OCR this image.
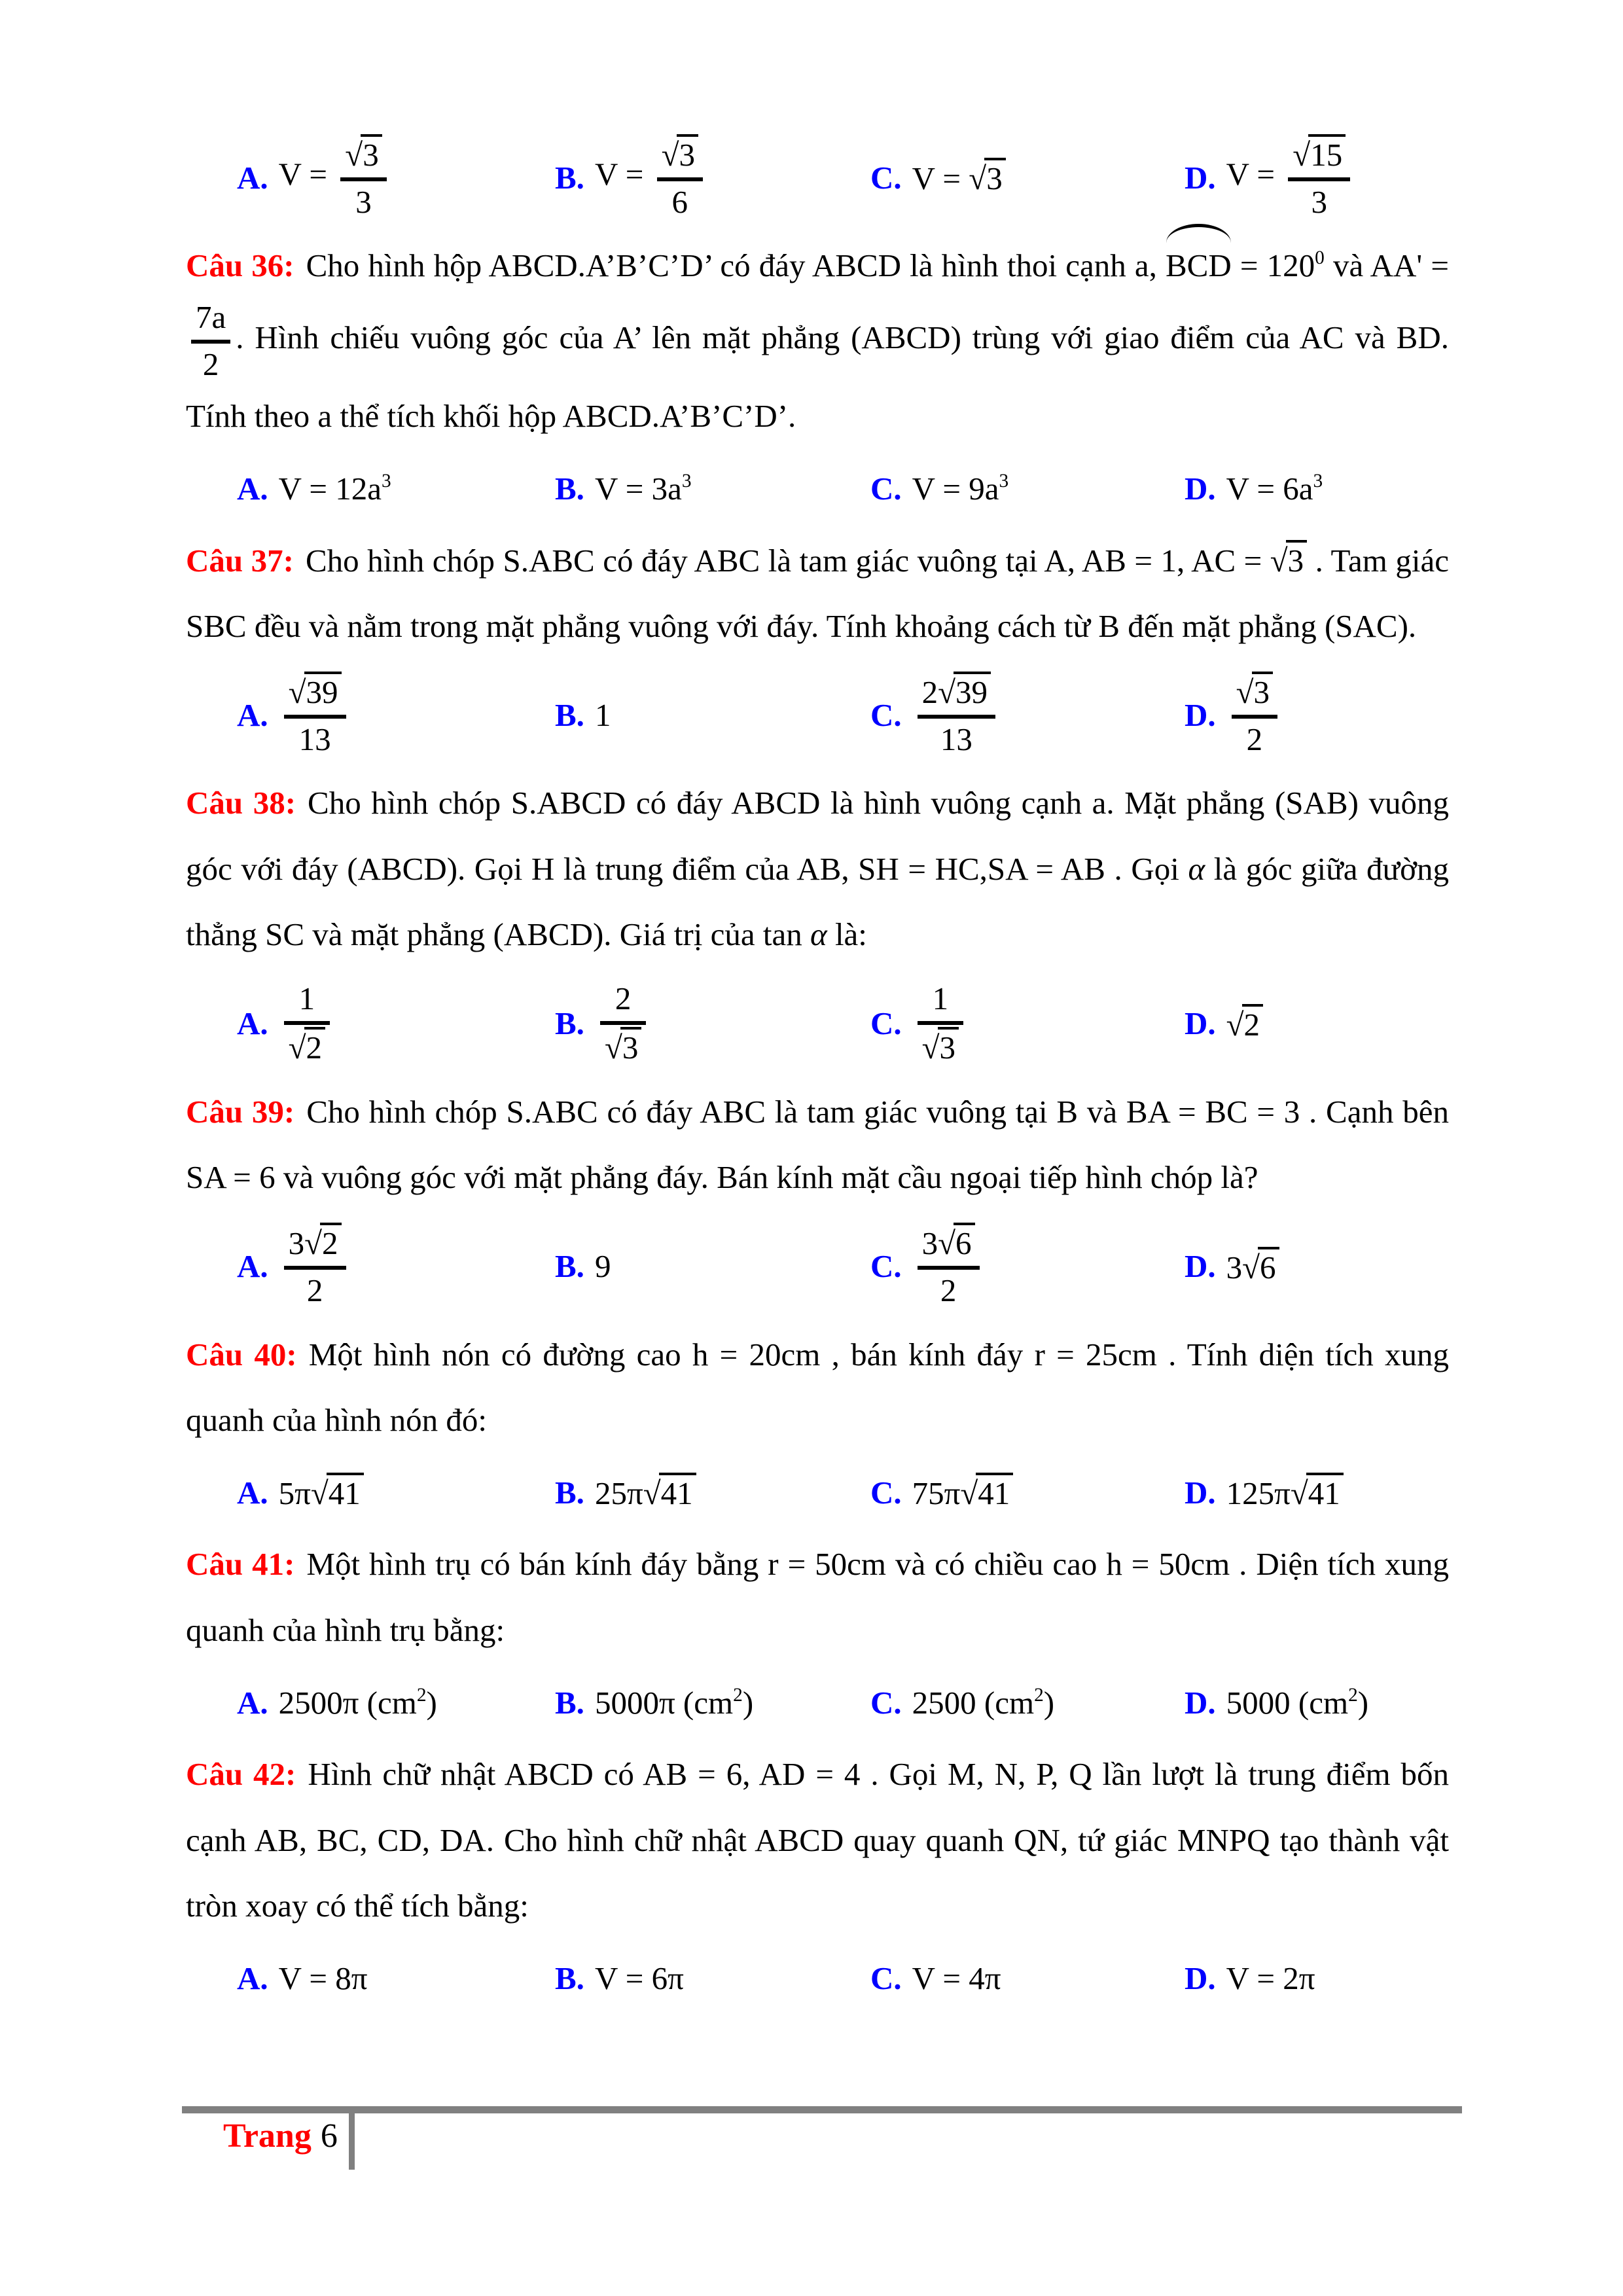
A. $V = \frac{√3}{3}$	B. $V = \frac{√3}{6}$	C. V = √3	D. $V = \frac{√15}{3}$
Câu 36: Cho hình hộp ABCD.A’B’C’D’ có đáy ABCD là hình thoi cạnh a, BCD = $120^0$ và AA' =
$\frac{7a}{2}$ . Hình chiếu vuông góc của A’ lên mặt phẳng (ABCD) trùng với giao điểm của AC và BD. Tính theo a thể tích khối hộp ABCD.A’B’C’D’.
A. $V = 12a^3$	B. $V = 3a^3$	C. $V = 9a^3$	D. $V = 6a^3$
Câu 37: Cho hình chóp S.ABC có đáy ABC là tam giác vuông tại A, AB = 1, AC = √3 . Tam giác SBC đều và nằm trong mặt phẳng vuông với đáy. Tính khoảng cách từ B đến mặt phẳng (SAC).
A. $\frac{√39}{13}$	B. 1	C. $\frac{2√39}{13}$	D. $\frac{√3}{2}$
Câu 38: Cho hình chóp S.ABCD có đáy ABCD là hình vuông cạnh a. Mặt phẳng (SAB) vuông góc với đáy (ABCD). Gọi H là trung điểm của AB, SH = HC,SA = AB . Gọi α là góc giữa đường thẳng SC và mặt phẳng (ABCD). Giá trị của tan α là:
A. $\frac{1}{√2}$	B. $\frac{2}{√3}$	C. $\frac{1}{√3}$	D. √2
Câu 39: Cho hình chóp S.ABC có đáy ABC là tam giác vuông tại B và BA = BC = 3 . Cạnh bên SA = 6 và vuông góc với mặt phẳng đáy. Bán kính mặt cầu ngoại tiếp hình chóp là?
A. $\frac{3√2}{2}$	B. 9	C. $\frac{3√6}{2}$	D. 3√6
Câu 40: Một hình nón có đường cao h = 20cm , bán kính đáy r = 25cm . Tính diện tích xung quanh của hình nón đó:
A. 5π√41	B. 25π√41	C. 75π√41	D. 125π√41
Câu 41: Một hình trụ có bán kính đáy bằng r = 50cm và có chiều cao h = 50cm . Diện tích xung quanh của hình trụ bằng:
A. 2500π $(cm^2)$	B. 5000π $(cm^2)$	C. 2500 $(cm^2)$	D. 5000 $(cm^2)$
Câu 42: Hình chữ nhật ABCD có AB = 6, AD = 4 . Gọi M, N, P, Q lần lượt là trung điểm bốn cạnh AB, BC, CD, DA. Cho hình chữ nhật ABCD quay quanh QN, tứ giác MNPQ tạo thành vật tròn xoay có thể tích bằng:
A. V = 8π	B. V = 6π	C. V = 4π	D. V = 2π
Trang 6
